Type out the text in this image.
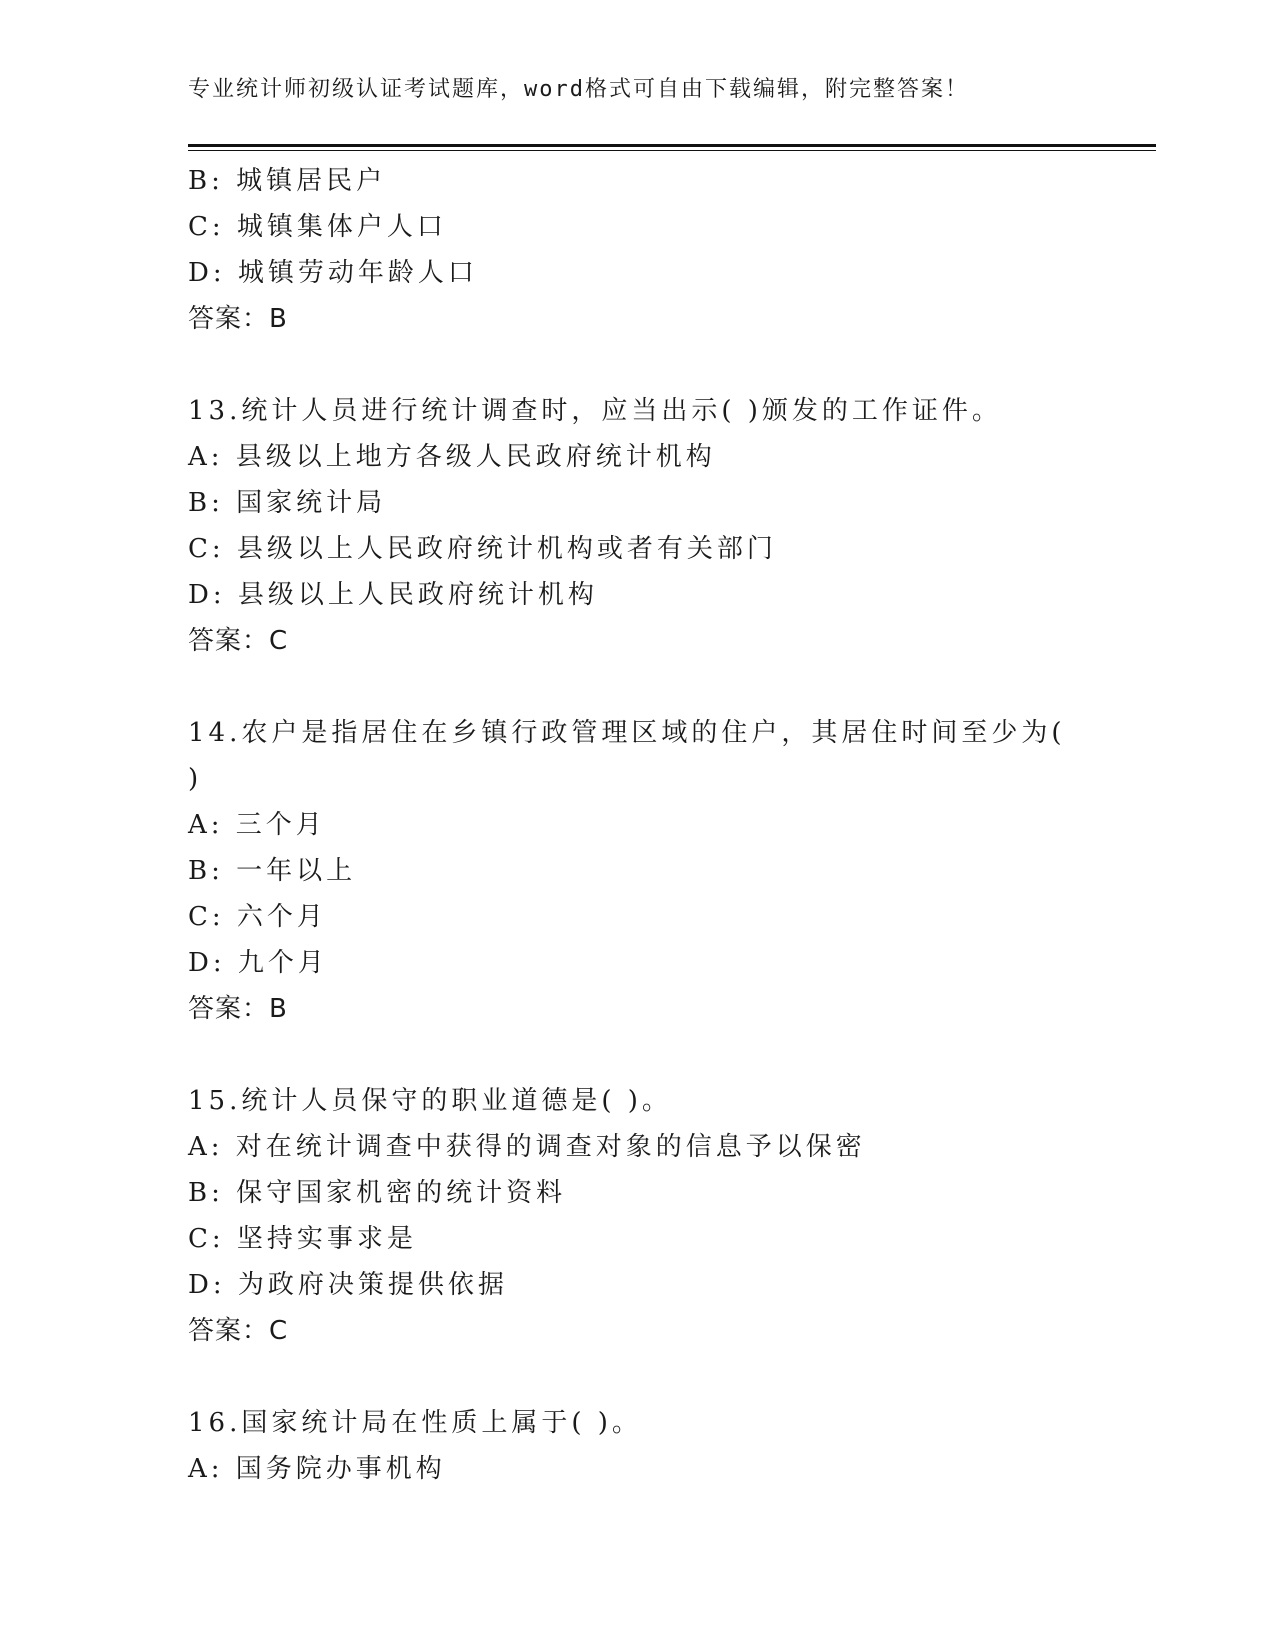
专业统计师初级认证考试题库，word格式可自由下载编辑，附完整答案！
B: 城镇居民户
C: 城镇集体户人口
D: 城镇劳动年龄人口
答案：B
13.统计人员进行统计调查时，应当出示( )颁发的工作证件。
A: 县级以上地方各级人民政府统计机构
B: 国家统计局
C: 县级以上人民政府统计机构或者有关部门
D: 县级以上人民政府统计机构
答案：C
14.农户是指居住在乡镇行政管理区域的住户，其居住时间至少为(
)
A: 三个月
B: 一年以上
C: 六个月
D: 九个月
答案：B
15.统计人员保守的职业道德是( )。
A: 对在统计调查中获得的调查对象的信息予以保密
B: 保守国家机密的统计资料
C: 坚持实事求是
D: 为政府决策提供依据
答案：C
16.国家统计局在性质上属于( )。
A: 国务院办事机构
